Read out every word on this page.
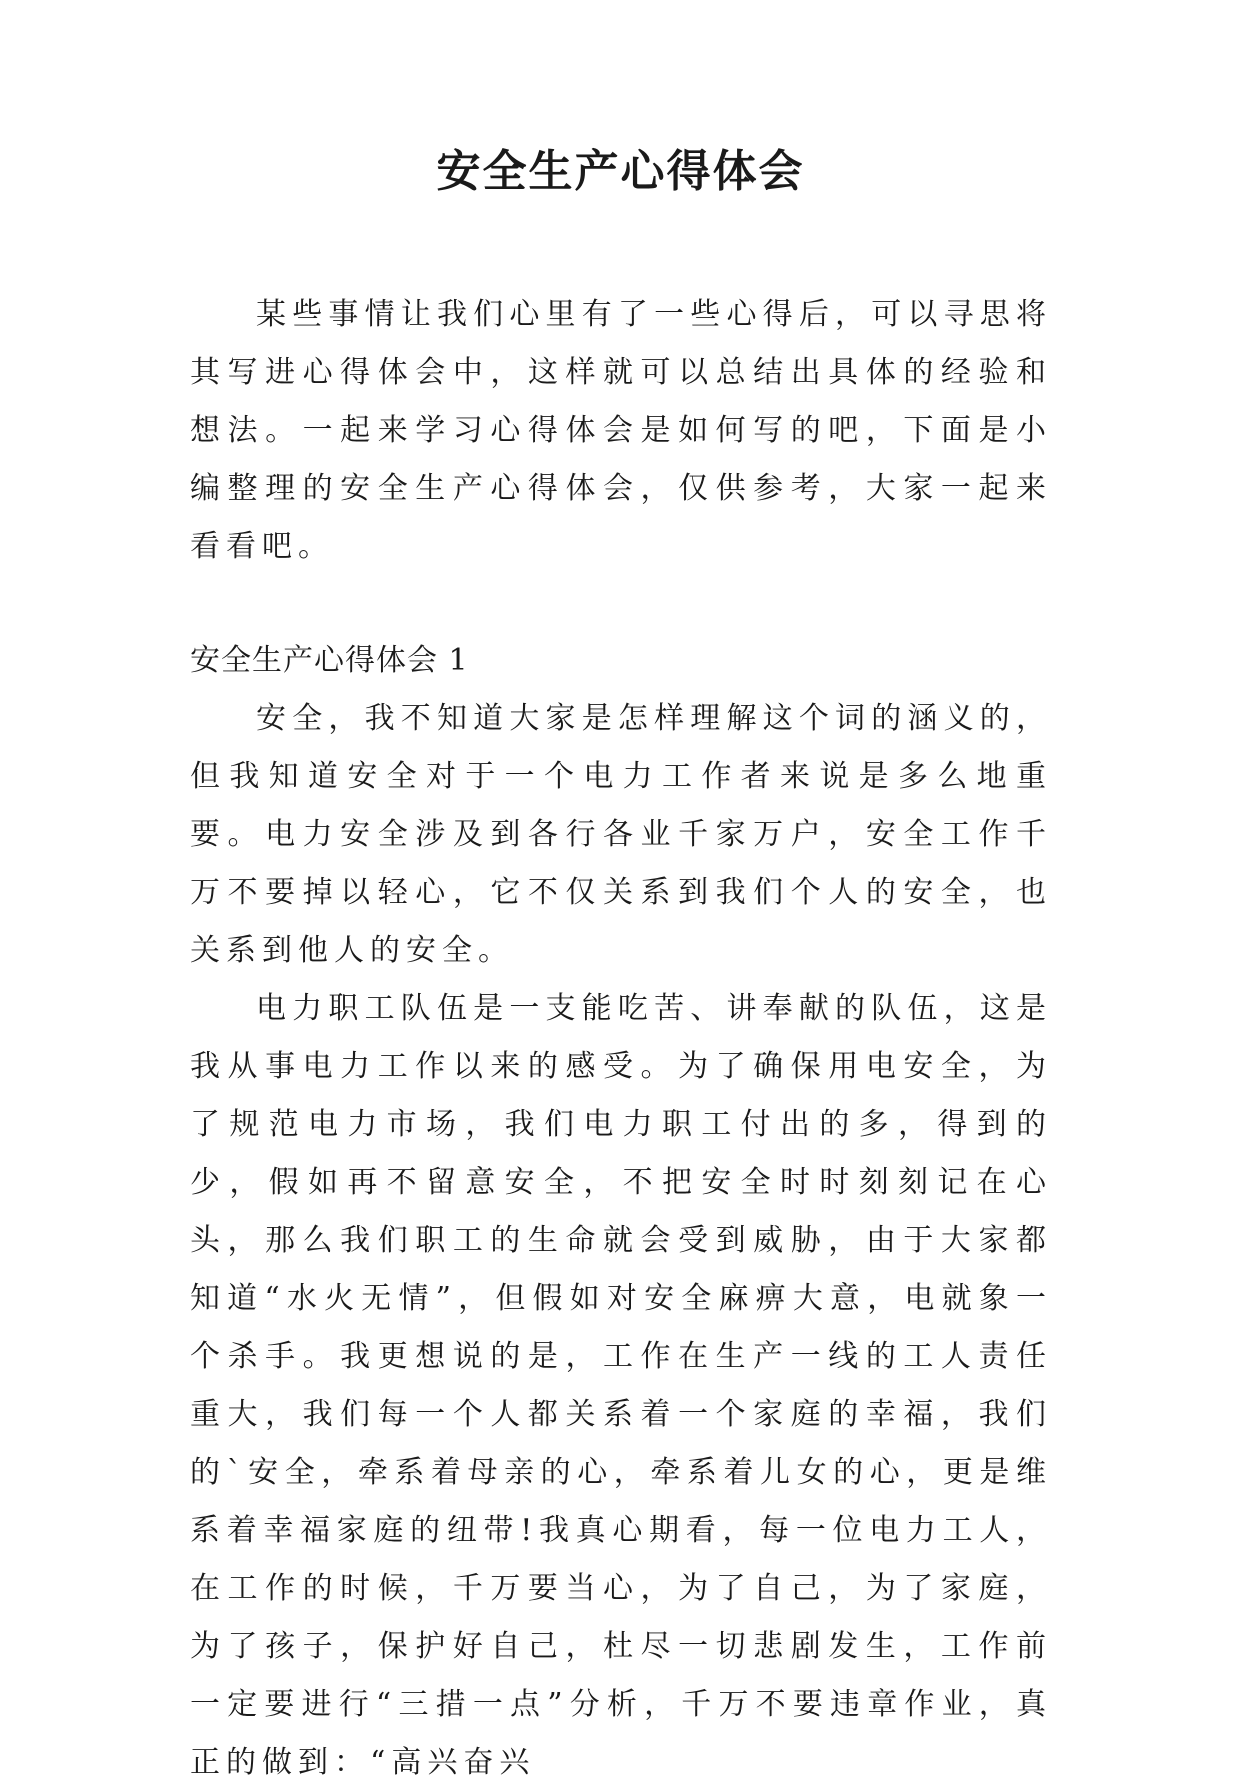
安全生产心得体会

某些事情让我们心里有了一些心得后，可以寻思将其写进心得体会中，这样就可以总结出具体的经验和想法。一起来学习心得体会是如何写的吧，下面是小编整理的安全生产心得体会，仅供参考，大家一起来看看吧。

安全生产心得体会 1

安全，我不知道大家是怎样理解这个词的涵义的，但我知道安全对于一个电力工作者来说是多么地重要。电力安全涉及到各行各业千家万户，安全工作千万不要掉以轻心，它不仅关系到我们个人的安全，也关系到他人的安全。

电力职工队伍是一支能吃苦、讲奉献的队伍，这是我从事电力工作以来的感受。为了确保用电安全，为了规范电力市场，我们电力职工付出的多，得到的少，假如再不留意安全，不把安全时时刻刻记在心头，那么我们职工的生命就会受到威胁，由于大家都知道“水火无情”，但假如对安全麻痹大意，电就象一个杀手。我更想说的是，工作在生产一线的工人责任重大，我们每一个人都关系着一个家庭的幸福，我们的`安全，牵系着母亲的心，牵系着儿女的心，更是维系着幸福家庭的纽带!我真心期看，每一位电力工人，在工作的时候，千万要当心，为了自己，为了家庭，为了孩子，保护好自己，杜尽一切悲剧发生，工作前一定要进行“三措一点”分析，千万不要违章作业，真正的做到：“高兴奋兴
